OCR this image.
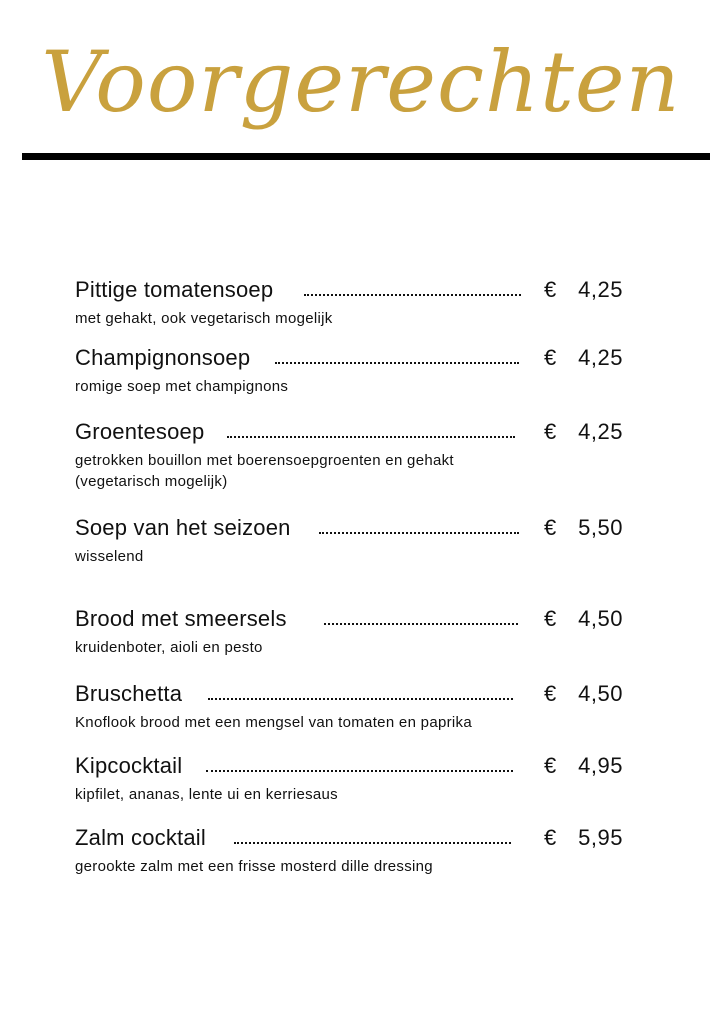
Voorgerechten
Pittige tomatensoep	€ 4,25
met gehakt, ook vegetarisch mogelijk
Champignonsoep	€ 4,25
romige soep met champignons
Groentesoep	€ 4,25
getrokken bouillon met boerensoepgroenten en gehakt (vegetarisch mogelijk)
Soep van het seizoen	€ 5,50
wisselend
Brood met smeersels	€ 4,50
kruidenboter, aioli en pesto
Bruschetta	€ 4,50
Knoflook brood met een mengsel van tomaten en paprika
Kipcocktail	€ 4,95
kipfilet, ananas, lente ui en kerriesaus
Zalm cocktail	€ 5,95
gerookte zalm met een frisse mosterd dille dressing
